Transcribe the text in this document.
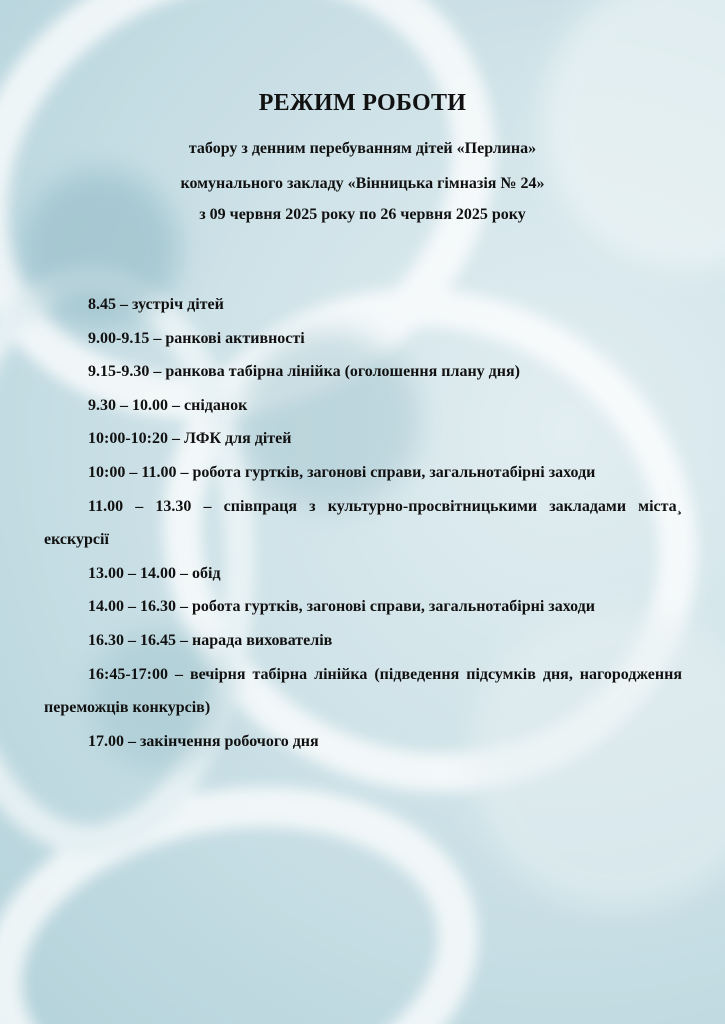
РЕЖИМ РОБОТИ
табору з денним перебуванням дітей «Перлина»
комунального закладу «Вінницька гімназія № 24»
з 09 червня 2025 року по 26 червня 2025 року

8.45 – зустріч дітей

9.00-9.15 – ранкові активності

9.15-9.30 – ранкова табірна лінійка (оголошення плану дня)

9.30 – 10.00 – сніданок

10:00-10:20 – ЛФК для дітей

10:00 – 11.00 – робота гуртків, загонові справи, загальнотабірні заходи

11.00 – 13.30 – співпраця з культурно-просвітницькими закладами міста¸ екскурсії

13.00 – 14.00 – обід

14.00 – 16.30 – робота гуртків, загонові справи, загальнотабірні заходи

16.30 – 16.45 – нарада вихователів

16:45-17:00 – вечірня табірна лінійка (підведення підсумків дня, нагородження переможців конкурсів)

17.00 – закінчення робочого дня
